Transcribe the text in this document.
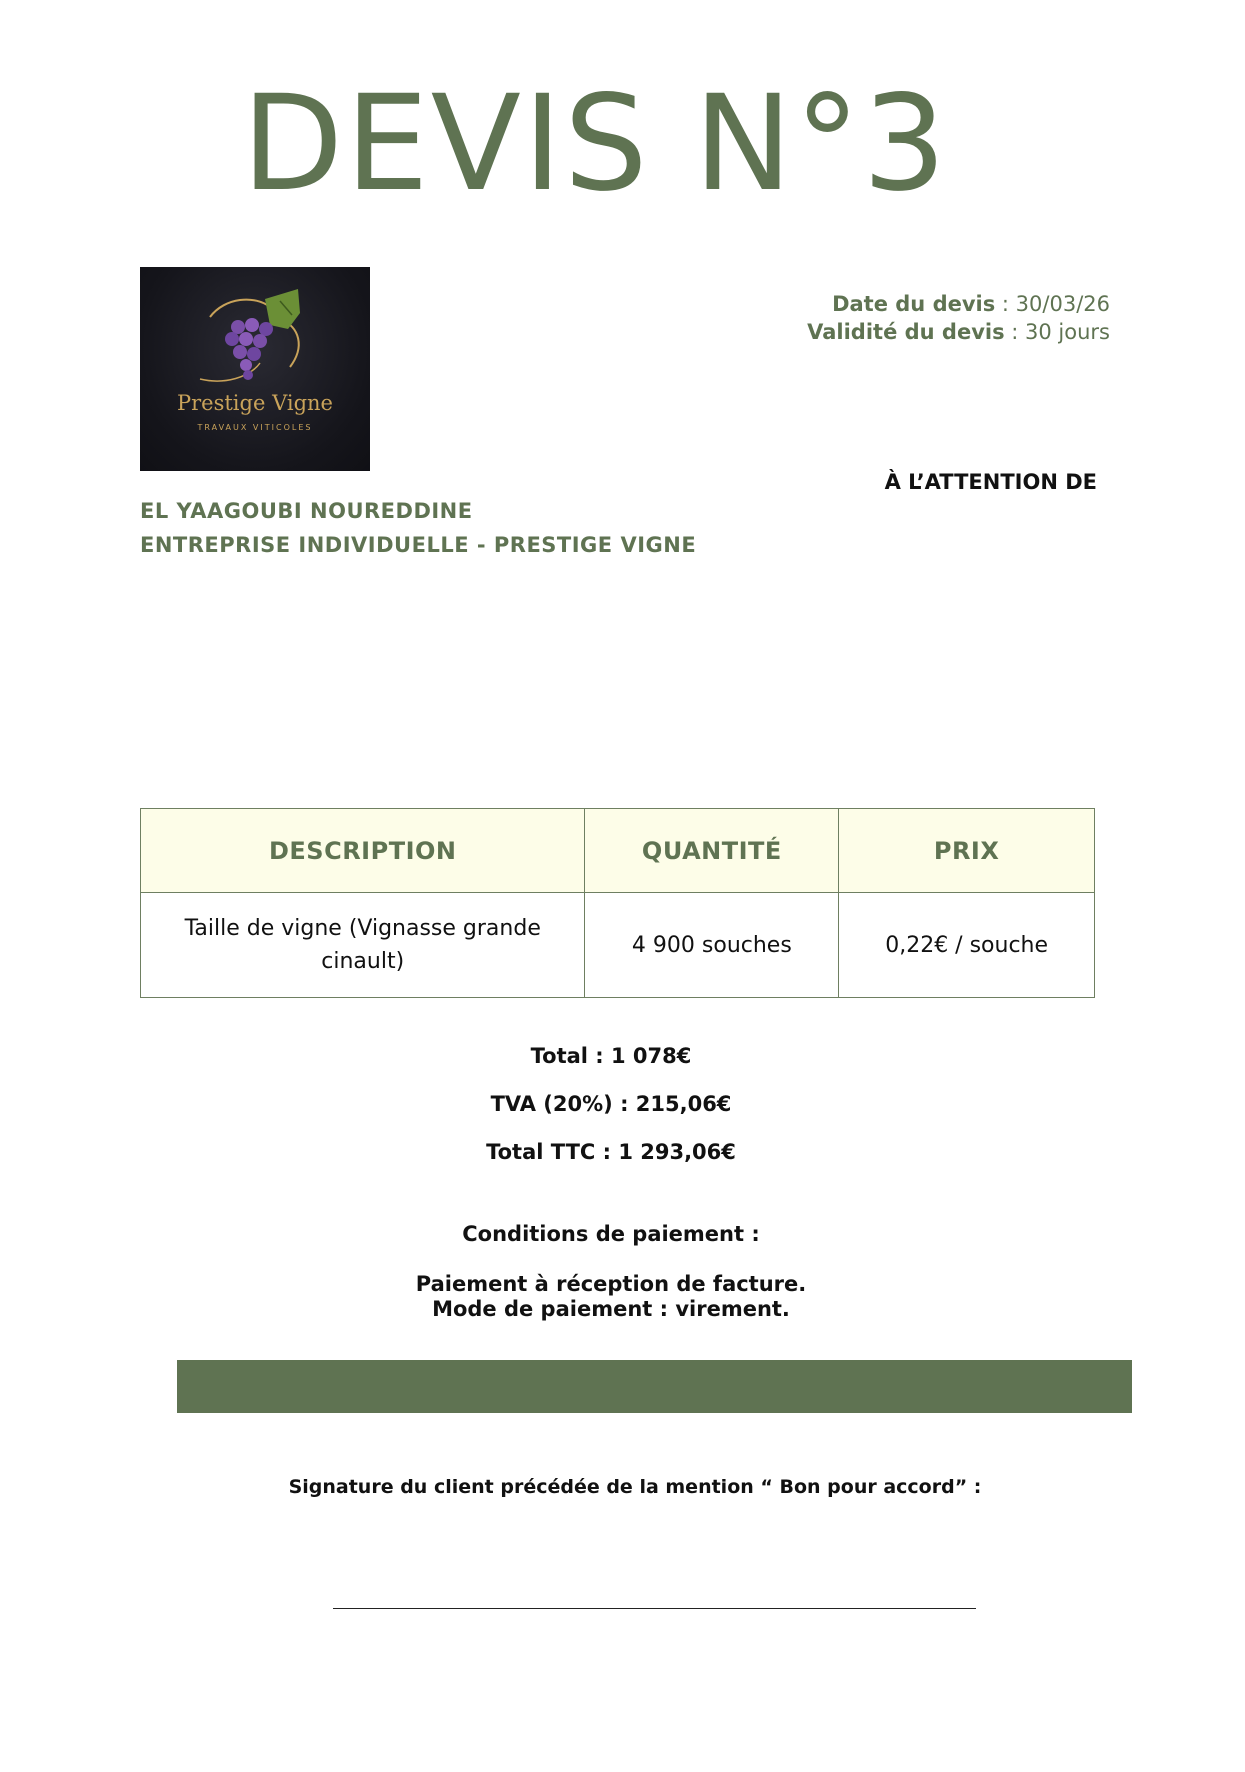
DEVIS N°3
Prestige Vigne
TRAVAUX VITICOLES
Date du devis : 30/03/26
Validité du devis : 30 jours
À L’ATTENTION DE
EL YAAGOUBI NOUREDDINE
ENTREPRISE INDIVIDUELLE - PRESTIGE VIGNE
DESCRIPTION	QUANTITÉ	PRIX
Taille de vigne (Vignasse grande cinault)	4 900 souches	0,22€ / souche
Total : 1 078€
TVA (20%) : 215,06€
Total TTC : 1 293,06€
Conditions de paiement :
Paiement à réception de facture.
Mode de paiement : virement.
Signature du client précédée de la mention “ Bon pour accord” :
